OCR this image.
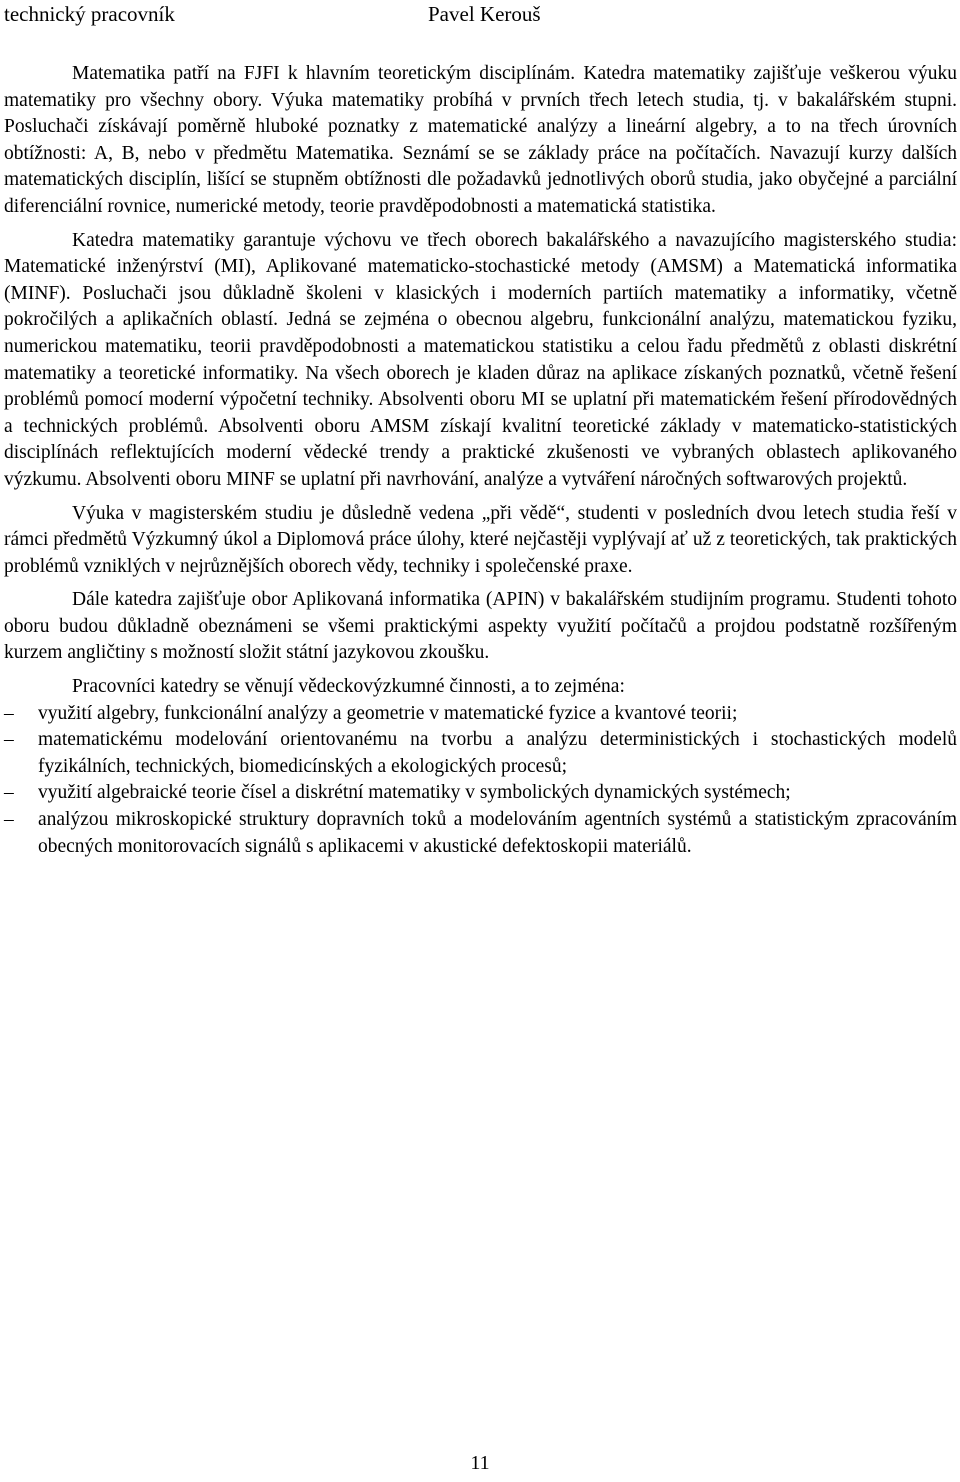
technický pracovník	Pavel Kerouš

Matematika patří na FJFI k hlavním teoretickým disciplínám. Katedra matematiky zajišťuje veškerou výuku matematiky pro všechny obory. Výuka matematiky probíhá v prvních třech letech studia, tj. v bakalářském stupni. Posluchači získávají poměrně hluboké poznatky z matematické analýzy a lineární algebry, a to na třech úrovních obtížnosti: A, B, nebo v předmětu Matematika. Seznámí se se základy práce na počítačích. Navazují kurzy dalších matematických disciplín, lišící se stupněm obtížnosti dle požadavků jednotlivých oborů studia, jako obyčejné a parciální diferenciální rovnice, numerické metody, teorie pravděpodobnosti a matematická statistika.

Katedra matematiky garantuje výchovu ve třech oborech bakalářského a navazujícího magisterského studia: Matematické inženýrství (MI), Aplikované matematicko-stochastické metody (AMSM) a Matematická informatika (MINF). Posluchači jsou důkladně školeni v klasických i moderních partiích matematiky a informatiky, včetně pokročilých a aplikačních oblastí. Jedná se zejména o obecnou algebru, funkcionální analýzu, matematickou fyziku, numerickou matematiku, teorii pravděpodobnosti a matematickou statistiku a celou řadu předmětů z oblasti diskrétní matematiky a teoretické informatiky. Na všech oborech je kladen důraz na aplikace získaných poznatků, včetně řešení problémů pomocí moderní výpočetní techniky. Absolventi oboru MI se uplatní při matematickém řešení přírodovědných a technických problémů. Absolventi oboru AMSM získají kvalitní teoretické základy v matematicko-statistických disciplínách reflektujících moderní vědecké trendy a praktické zkušenosti ve vybraných oblastech aplikovaného výzkumu. Absolventi oboru MINF se uplatní při navrhování, analýze a vytváření náročných softwarových projektů.

Výuka v magisterském studiu je důsledně vedena „při vědě“, studenti v posledních dvou letech studia řeší v rámci předmětů Výzkumný úkol a Diplomová práce úlohy, které nejčastěji vyplývají ať už z teoretických, tak praktických problémů vzniklých v nejrůznějších oborech vědy, techniky i společenské praxe.

Dále katedra zajišťuje obor Aplikovaná informatika (APIN) v bakalářském studijním programu. Studenti tohoto oboru budou důkladně obeznámeni se všemi praktickými aspekty využití počítačů a projdou podstatně rozšířeným kurzem angličtiny s možností složit státní jazykovou zkoušku.

Pracovníci katedry se věnují vědeckovýzkumné činnosti, a to zejména:

–	využití algebry, funkcionální analýzy a geometrie v matematické fyzice a kvantové teorii;
–	matematickému modelování orientovanému na tvorbu a analýzu deterministických i stochastických modelů fyzikálních, technických, biomedicínských a ekologických procesů;
–	využití algebraické teorie čísel a diskrétní matematiky v symbolických dynamických systémech;
–	analýzou mikroskopické struktury dopravních toků a modelováním agentních systémů a statistickým zpracováním obecných monitorovacích signálů s aplikacemi v akustické defektoskopii materiálů.
11
